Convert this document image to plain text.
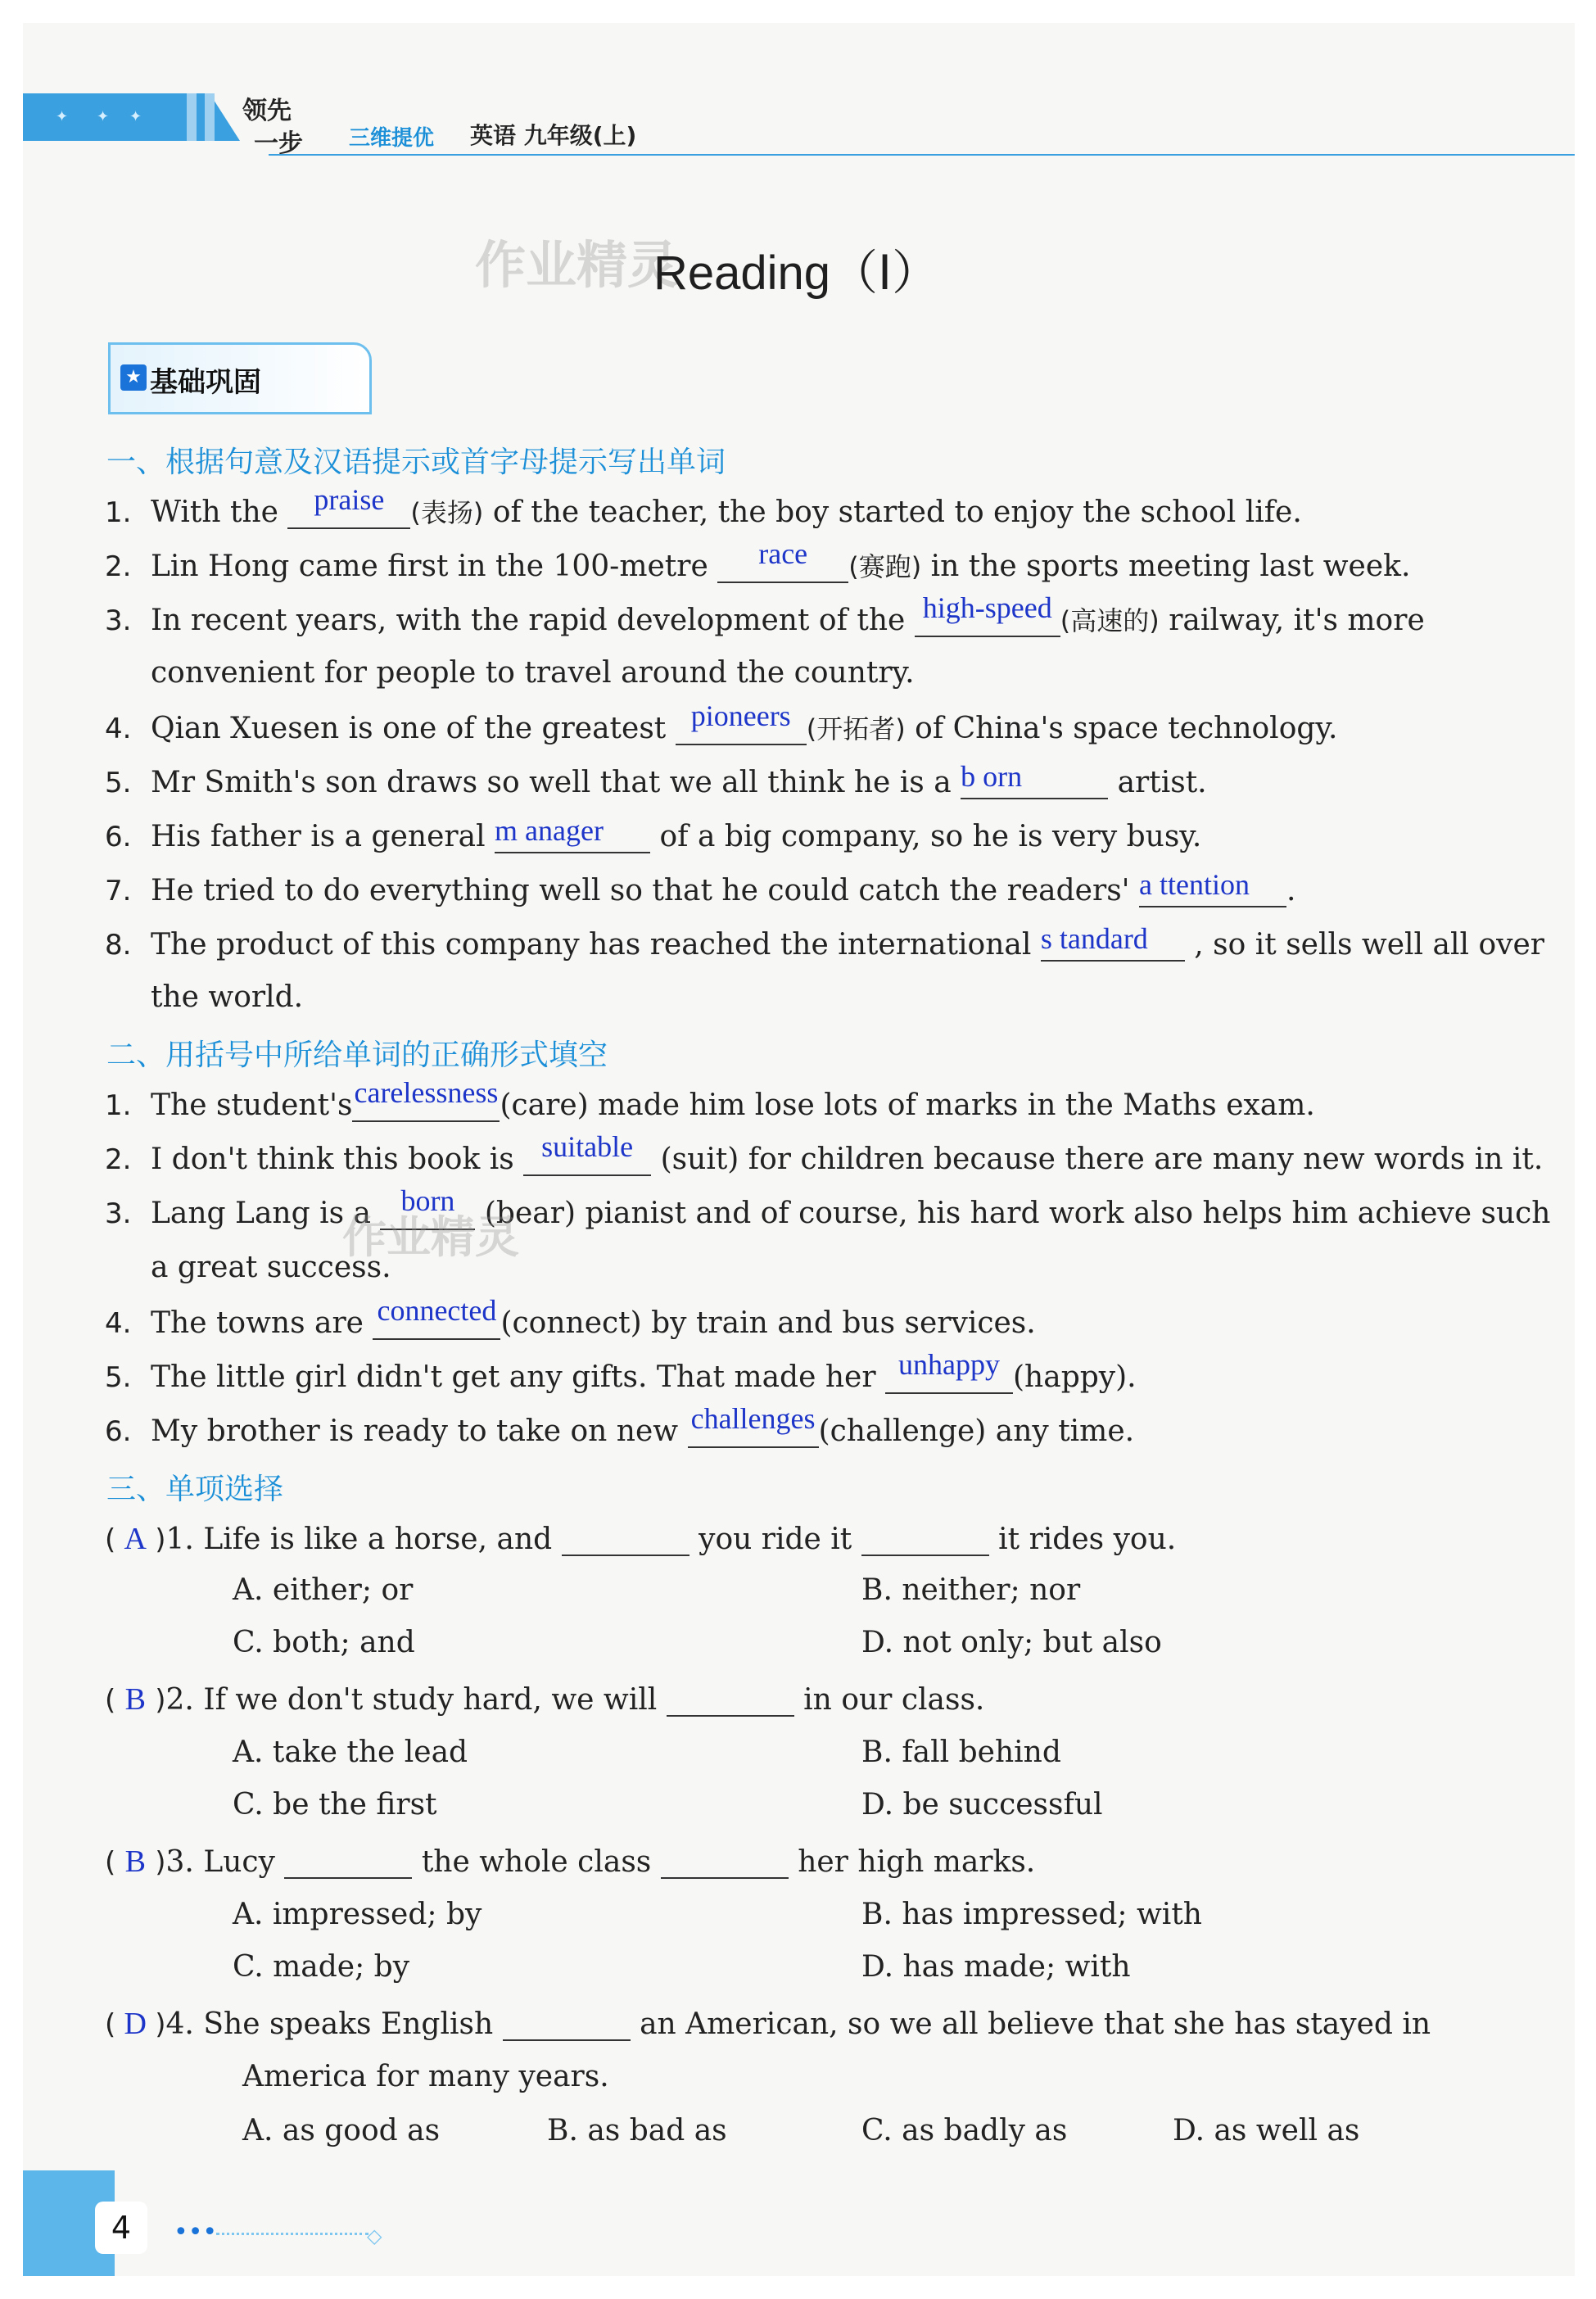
✦ ✦ ✦	领先
一步 三维提优 英语 九年级(上)
作业精灵
Reading（Ⅰ）
★ 基础巩固
一、根据句意及汉语提示或首字母提示写出单词
1. With the praise (表扬) of the teacher, the boy started to enjoy the school life.
2. Lin Hong came first in the 100-metre race (赛跑) in the sports meeting last week.
3. In recent years, with the rapid development of the high-speed (高速的) railway, it's more
convenient for people to travel around the country.
4. Qian Xuesen is one of the greatest pioneers (开拓者) of China's space technology.
5. Mr Smith's son draws so well that we all think he is a b orn	artist.
6. His father is a general m anager of a big company, so he is very busy.
7. He tried to do everything well so that he could catch the readers' a ttention .
8. The product of this company has reached the international s tandard , so it sells well all over
the world.
二、用括号中所给单词的正确形式填空
1. The student'scarelessness(care) made him lose lots of marks in the Maths exam.
2. I don't think this book is suitable (suit) for children because there are many new words in it.
3. Lang Lang is a born (bear) pianist and of course, his hard work also helps him achieve such
a great success.
作业精灵
4. The towns are connected (connect) by train and bus services.
5. The little girl didn't get any gifts. That made her unhappy (happy).
6. My brother is ready to take on new challenges (challenge) any time.
三、单项选择
( A )1. Life is like a horse, and	you ride it	it rides you.
A. either; or	B. neither; nor
C. both; and	D. not only; but also
( B )2. If we don't study hard, we will	in our class.
A. take the lead	B. fall behind
C. be the first	D. be successful
( B )3. Lucy	the whole class	her high marks.
A. impressed; by	B. has impressed; with
C. made; by	D. has made; with
( D )4. She speaks English	an American, so we all believe that she has stayed in
America for many years.
A. as good as	B. as bad as	C. as badly as	D. as well as
4	•••	◇
